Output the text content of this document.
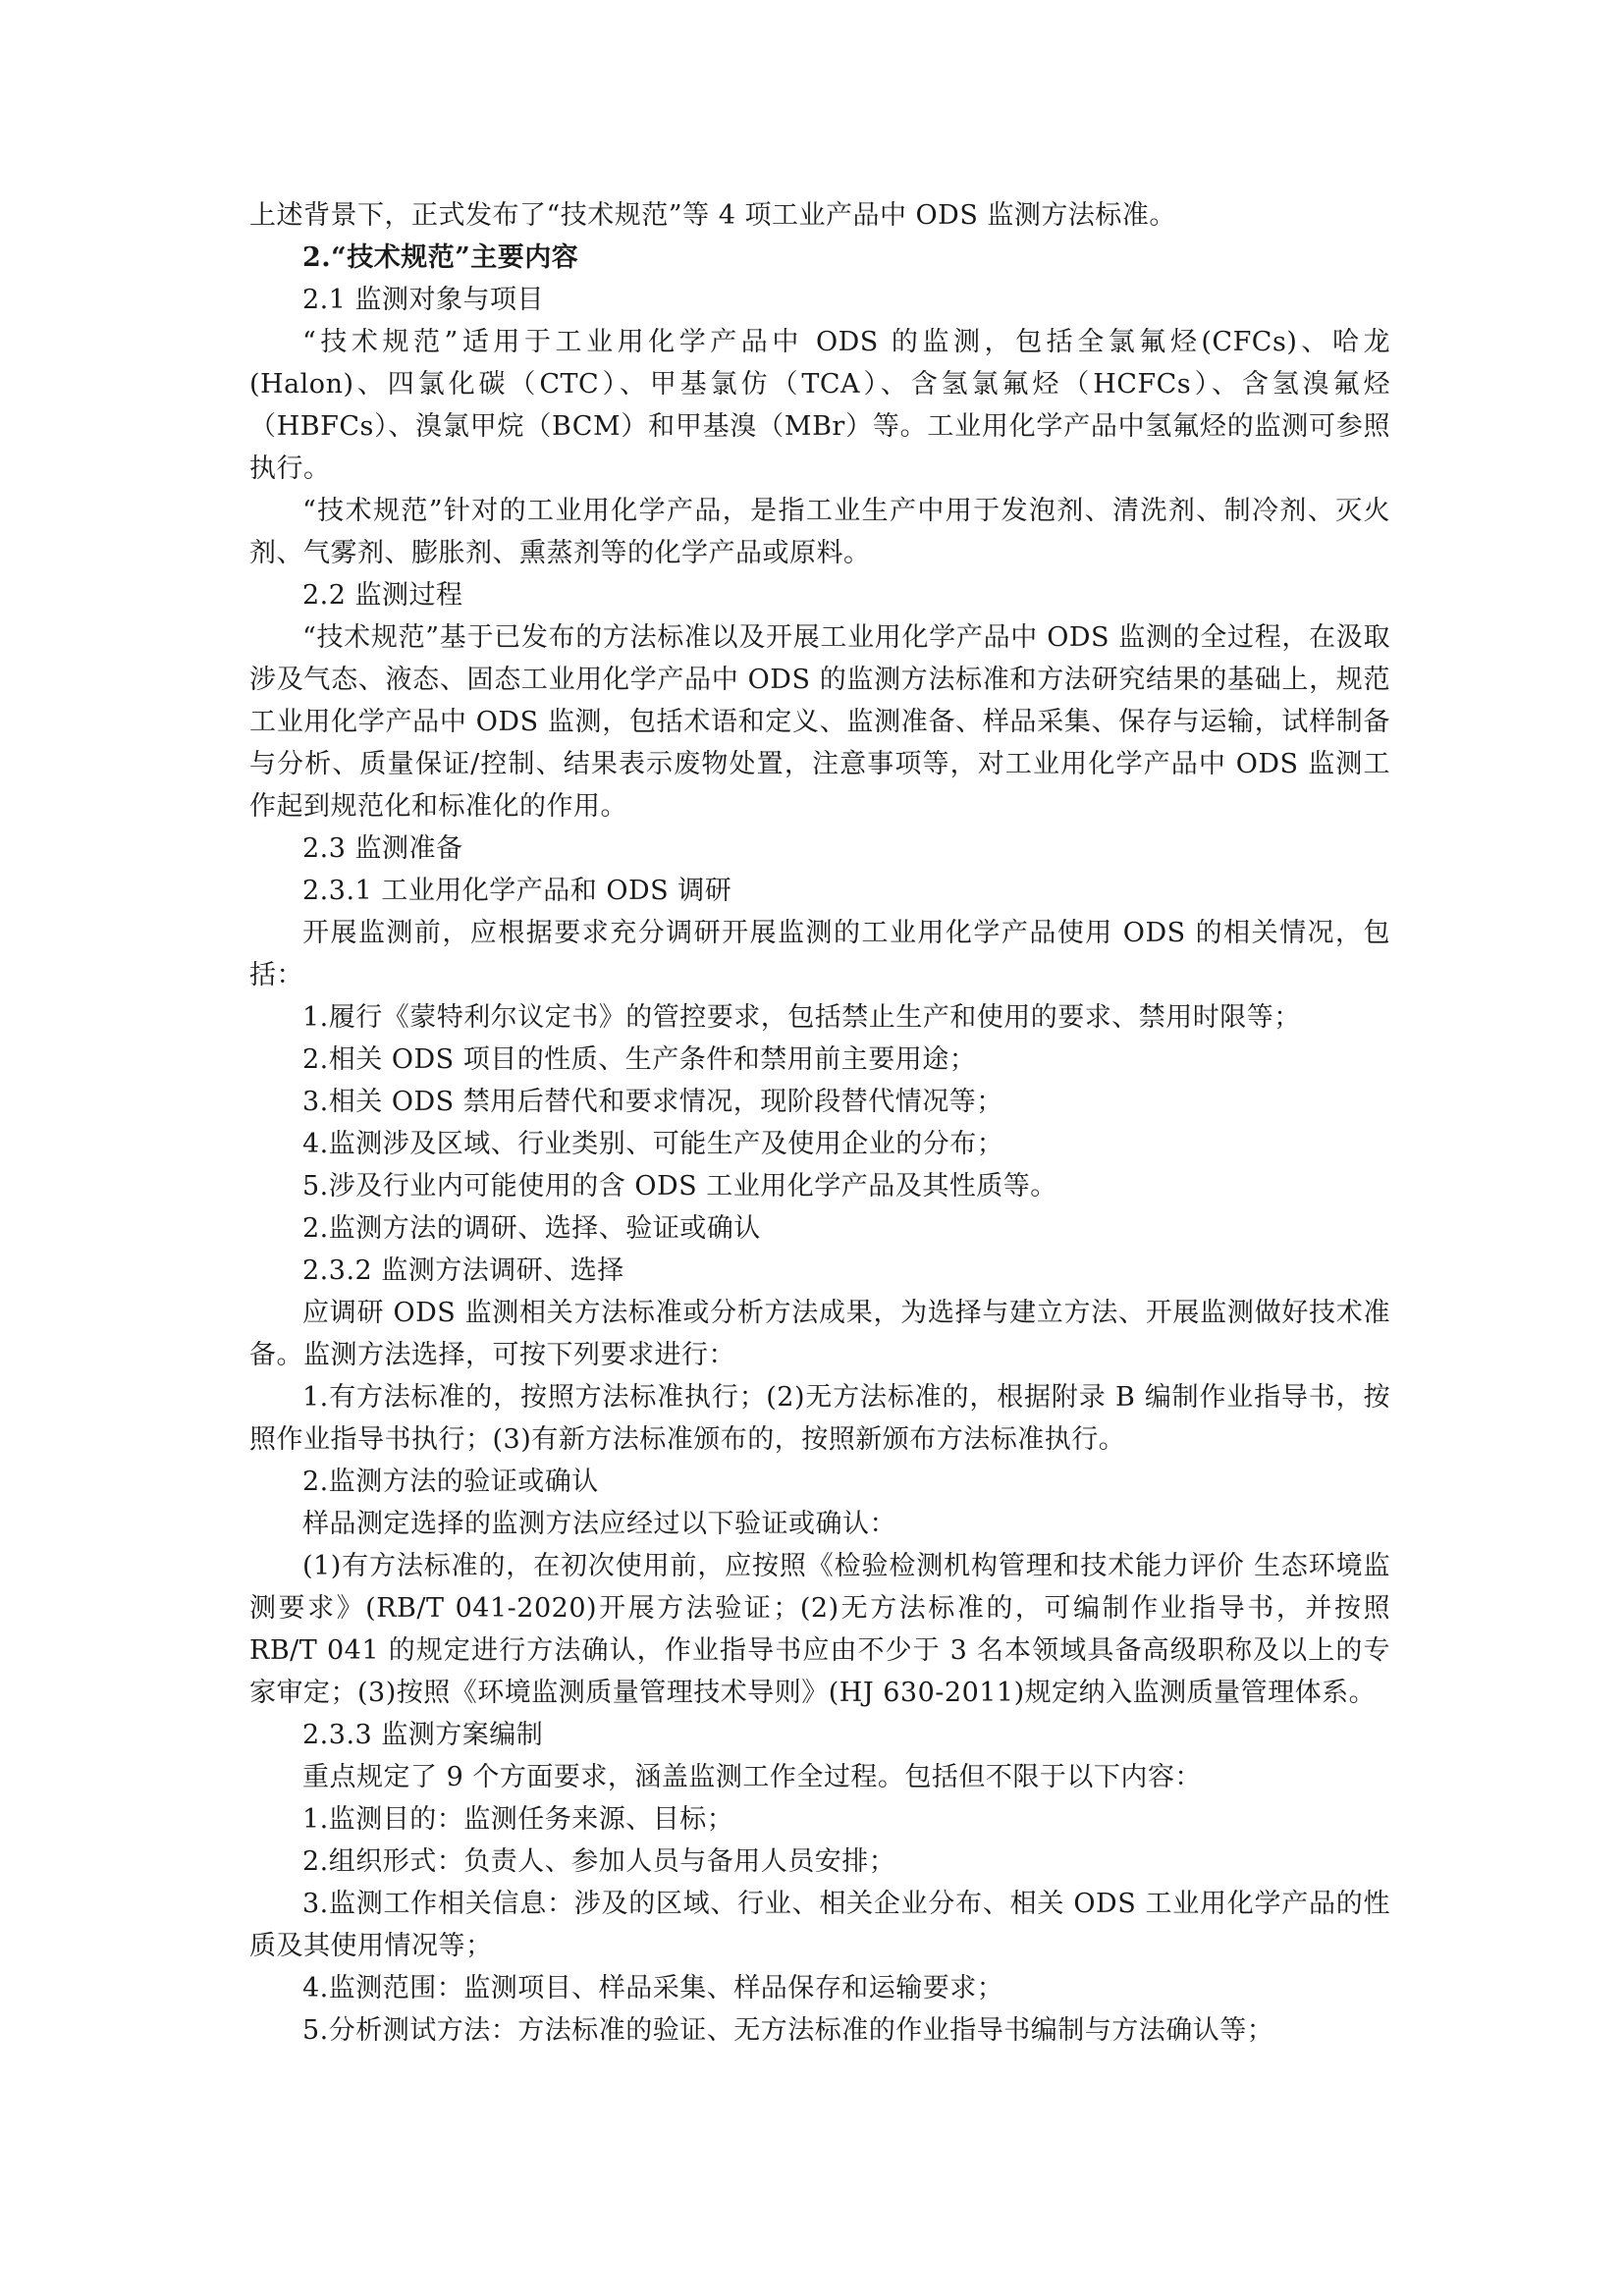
上述背景下，正式发布了“技术规范”等 4 项工业产品中 ODS 监测方法标准。

2.“技术规范”主要内容

2.1 监测对象与项目

“技术规范”适用于工业用化学产品中 ODS 的监测，包括全氯氟烃(CFCs)、哈龙(Halon)、四氯化碳（CTC）、甲基氯仿（TCA）、含氢氯氟烃（HCFCs）、含氢溴氟烃（HBFCs）、溴氯甲烷（BCM）和甲基溴（MBr）等。工业用化学产品中氢氟烃的监测可参照执行。

“技术规范”针对的工业用化学产品，是指工业生产中用于发泡剂、清洗剂、制冷剂、灭火剂、气雾剂、膨胀剂、熏蒸剂等的化学产品或原料。

2.2 监测过程

“技术规范”基于已发布的方法标准以及开展工业用化学产品中 ODS 监测的全过程，在汲取涉及气态、液态、固态工业用化学产品中 ODS 的监测方法标准和方法研究结果的基础上，规范工业用化学产品中 ODS 监测，包括术语和定义、监测准备、样品采集、保存与运输，试样制备与分析、质量保证/控制、结果表示废物处置，注意事项等，对工业用化学产品中 ODS 监测工作起到规范化和标准化的作用。

2.3 监测准备

2.3.1 工业用化学产品和 ODS 调研

开展监测前，应根据要求充分调研开展监测的工业用化学产品使用 ODS 的相关情况，包括：

1.履行《蒙特利尔议定书》的管控要求，包括禁止生产和使用的要求、禁用时限等；

2.相关 ODS 项目的性质、生产条件和禁用前主要用途；

3.相关 ODS 禁用后替代和要求情况，现阶段替代情况等；

4.监测涉及区域、行业类别、可能生产及使用企业的分布；

5.涉及行业内可能使用的含 ODS 工业用化学产品及其性质等。

2.监测方法的调研、选择、验证或确认

2.3.2 监测方法调研、选择

应调研 ODS 监测相关方法标准或分析方法成果，为选择与建立方法、开展监测做好技术准备。监测方法选择，可按下列要求进行：

1.有方法标准的，按照方法标准执行；(2)无方法标准的，根据附录 B 编制作业指导书，按照作业指导书执行；(3)有新方法标准颁布的，按照新颁布方法标准执行。

2.监测方法的验证或确认

样品测定选择的监测方法应经过以下验证或确认：

(1)有方法标准的，在初次使用前，应按照《检验检测机构管理和技术能力评价 生态环境监测要求》(RB/T 041-2020)开展方法验证；(2)无方法标准的，可编制作业指导书，并按照 RB/T 041 的规定进行方法确认，作业指导书应由不少于 3 名本领域具备高级职称及以上的专家审定；(3)按照《环境监测质量管理技术导则》(HJ 630-2011)规定纳入监测质量管理体系。

2.3.3 监测方案编制

重点规定了 9 个方面要求，涵盖监测工作全过程。包括但不限于以下内容：

1.监测目的：监测任务来源、目标；

2.组织形式：负责人、参加人员与备用人员安排；

3.监测工作相关信息：涉及的区域、行业、相关企业分布、相关 ODS 工业用化学产品的性质及其使用情况等；

4.监测范围：监测项目、样品采集、样品保存和运输要求；

5.分析测试方法：方法标准的验证、无方法标准的作业指导书编制与方法确认等；
